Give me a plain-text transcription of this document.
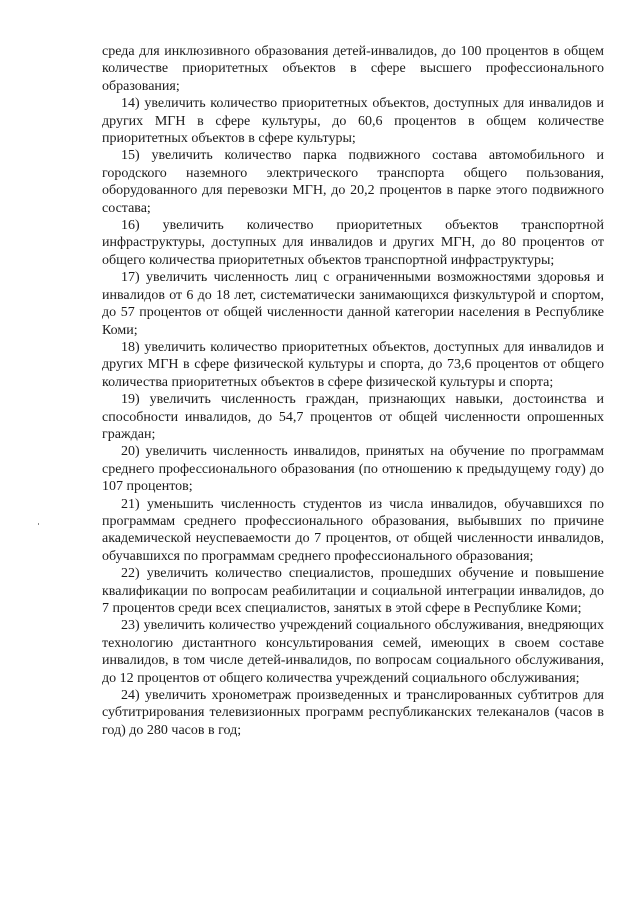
среда для инклюзивного образования детей-инвалидов, до 100 процентов в общем количестве приоритетных объектов в сфере высшего профессионального образования;

14) увеличить количество приоритетных объектов, доступных для инвалидов и других МГН в сфере культуры, до 60,6 процентов в общем количестве приоритетных объектов в сфере культуры;

15) увеличить количество парка подвижного состава автомобильного и городского наземного электрического транспорта общего пользования, оборудованного для перевозки МГН, до 20,2 процентов в парке этого подвижного состава;

16) увеличить количество приоритетных объектов транспортной инфраструктуры, доступных для инвалидов и других МГН, до 80 процентов от общего количества приоритетных объектов транспортной инфраструктуры;

17) увеличить численность лиц с ограниченными возможностями здоровья и инвалидов от 6 до 18 лет, систематически занимающихся физкультурой и спортом, до 57 процентов от общей численности данной категории населения в Республике Коми;

18) увеличить количество приоритетных объектов, доступных для инвалидов и других МГН в сфере физической культуры и спорта, до 73,6 процентов от общего количества приоритетных объектов в сфере физической культуры и спорта;

19) увеличить численность граждан, признающих навыки, достоинства и способности инвалидов, до 54,7 процентов от общей численности опрошенных граждан;

20) увеличить численность инвалидов, принятых на обучение по программам среднего профессионального образования (по отношению к предыдущему году) до 107 процентов;

21) уменьшить численность студентов из числа инвалидов, обучавшихся по программам среднего профессионального образования, выбывших по причине академической неуспеваемости до 7 процентов, от общей численности инвалидов, обучавшихся по программам среднего профессионального образования;

22) увеличить количество специалистов, прошедших обучение и повышение квалификации по вопросам реабилитации и социальной интеграции инвалидов, до 7 процентов среди всех специалистов, занятых в этой сфере в Республике Коми;

23) увеличить количество учреждений социального обслуживания, внедряющих технологию дистантного консультирования семей, имеющих в своем составе инвалидов, в том числе детей-инвалидов, по вопросам социального обслуживания, до 12 процентов от общего количества учреждений социального обслуживания;

24) увеличить хронометраж произведенных и транслированных субтитров для субтитрирования телевизионных программ республиканских телеканалов (часов в год) до 280 часов в год;
